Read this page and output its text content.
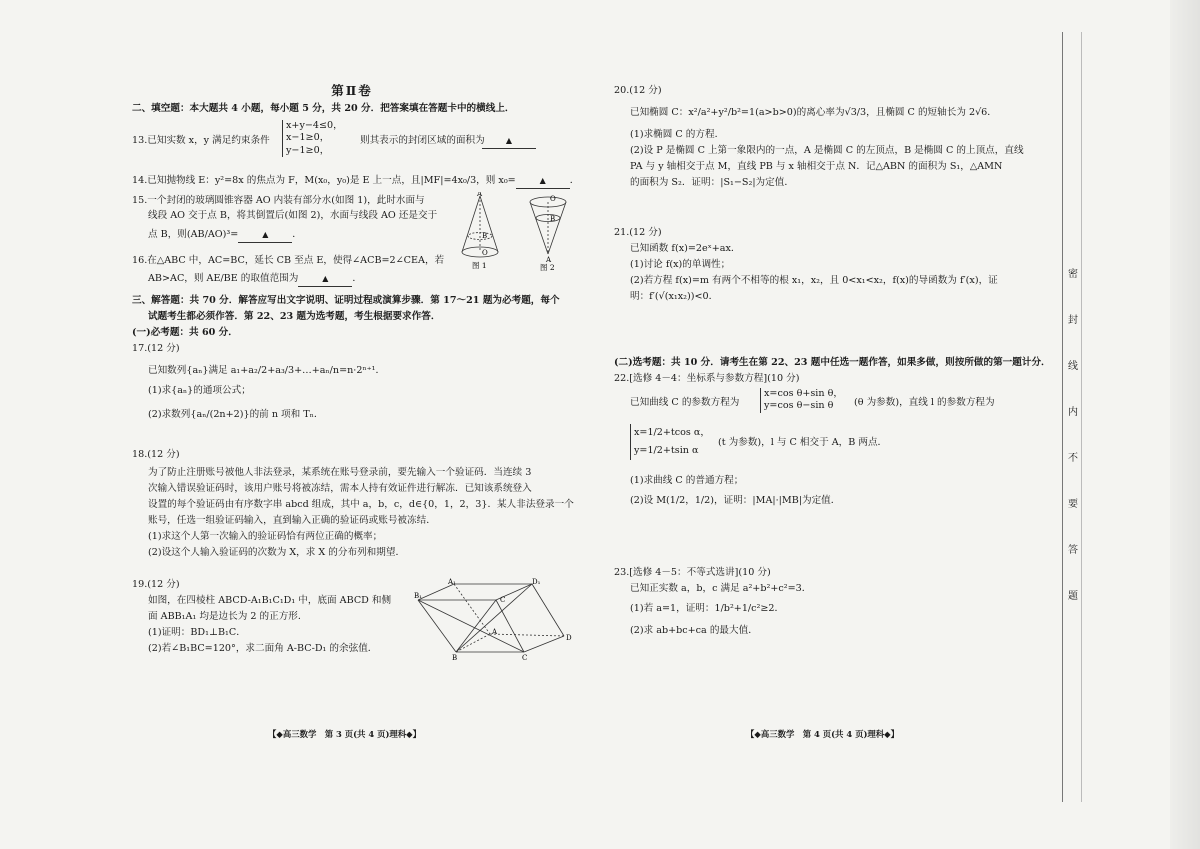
第Ⅱ卷
二、填空题：本大题共 4 小题，每小题 5 分，共 20 分．把答案填在答题卡中的横线上．
13.已知实数 x，y 满足约束条件
x+y−4≤0，
x−1≥0，
y−1≥0，
则其表示的封闭区域的面积为	▲
14.已知抛物线 E：y²=8x 的焦点为 F，M(x₀，y₀)是 E 上一点，且|MF|=4x₀/3，则 x₀=	▲ ．
15.一个封闭的玻璃圆锥容器 AO 内装有部分水(如图 1)，此时水面与
线段 AO 交于点 B，将其倒置后(如图 2)，水面与线段 AO 还是交于
点 B，则(AB/AO)³=	▲ ．
A
B
O
图 1
O
B
A
图 2
16.在△ABC 中，AC=BC，延长 CB 至点 E，使得∠ACB=2∠CEA，若
AB>AC，则 AE/BE 的取值范围为	▲ ．
三、解答题：共 70 分．解答应写出文字说明、证明过程或演算步骤．第 17～21 题为必考题，每个
试题考生都必须作答．第 22、23 题为选考题，考生根据要求作答．
(一)必考题：共 60 分．
17.(12 分)
已知数列{aₙ}满足 a₁+a₂/2+a₃/3+…+aₙ/n=n·2ⁿ⁺¹．
(1)求{aₙ}的通项公式；
(2)求数列{aₙ/(2n+2)}的前 n 项和 Tₙ．
18.(12 分)
为了防止注册账号被他人非法登录，某系统在账号登录前，要先输入一个验证码．当连续 3
次输入错误验证码时，该用户账号将被冻结，需本人持有效证件进行解冻．已知该系统登入
设置的每个验证码由有序数字串 abcd 组成，其中 a，b，c，d∈{0，1，2，3}．某人非法登录一个
账号，任选一组验证码输入，直到输入正确的验证码或账号被冻结．
(1)求这个人第一次输入的验证码恰有两位正确的概率；
(2)设这个人输入验证码的次数为 X，求 X 的分布列和期望．
19.(12 分)
如图，在四棱柱 ABCD-A₁B₁C₁D₁ 中，底面 ABCD 和侧
面 ABB₁A₁ 均是边长为 2 的正方形．
(1)证明：BD₁⊥B₁C．
(2)若∠B₁BC=120°，求二面角 A-BC-D₁ 的余弦值．
A₁	D₁
B₁	C
A
D
B	C
【◆高三数学　第 3 页(共 4 页)理科◆】
20.(12 分)
已知椭圆 C：x²/a²+y²/b²=1(a>b>0)的离心率为√3/3，且椭圆 C 的短轴长为 2√6．
(1)求椭圆 C 的方程．
(2)设 P 是椭圆 C 上第一象限内的一点，A 是椭圆 C 的左顶点，B 是椭圆 C 的上顶点，直线
PA 与 y 轴相交于点 M，直线 PB 与 x 轴相交于点 N．记△ABN 的面积为 S₁，△AMN
的面积为 S₂．证明：|S₁−S₂|为定值．
21.(12 分)
已知函数 f(x)=2eˣ+ax．
(1)讨论 f(x)的单调性；
(2)若方程 f(x)=m 有两个不相等的根 x₁，x₂，且 0<x₁<x₂，f(x)的导函数为 f′(x)，证
明：f′(√(x₁x₂))<0．
(二)选考题：共 10 分．请考生在第 22、23 题中任选一题作答，如果多做，则按所做的第一题计分．
22.[选修 4－4：坐标系与参数方程](10 分)
已知曲线 C 的参数方程为
x=cos θ+sin θ，
y=cos θ−sin θ	(θ 为参数)，直线 l 的参数方程为
x=1/2+tcos α，
y=1/2+tsin α
(t 为参数)，l 与 C 相交于 A，B 两点．
(1)求曲线 C 的普通方程；
(2)设 M(1/2，1/2)，证明：|MA|·|MB|为定值．
23.[选修 4－5：不等式选讲](10 分)
已知正实数 a，b，c 满足 a²+b²+c²=3．
(1)若 a=1，证明：1/b²+1/c²≥2．
(2)求 ab+bc+ca 的最大值．
【◆高三数学　第 4 页(共 4 页)理科◆】
密
封
线
内
不
要
答
题
